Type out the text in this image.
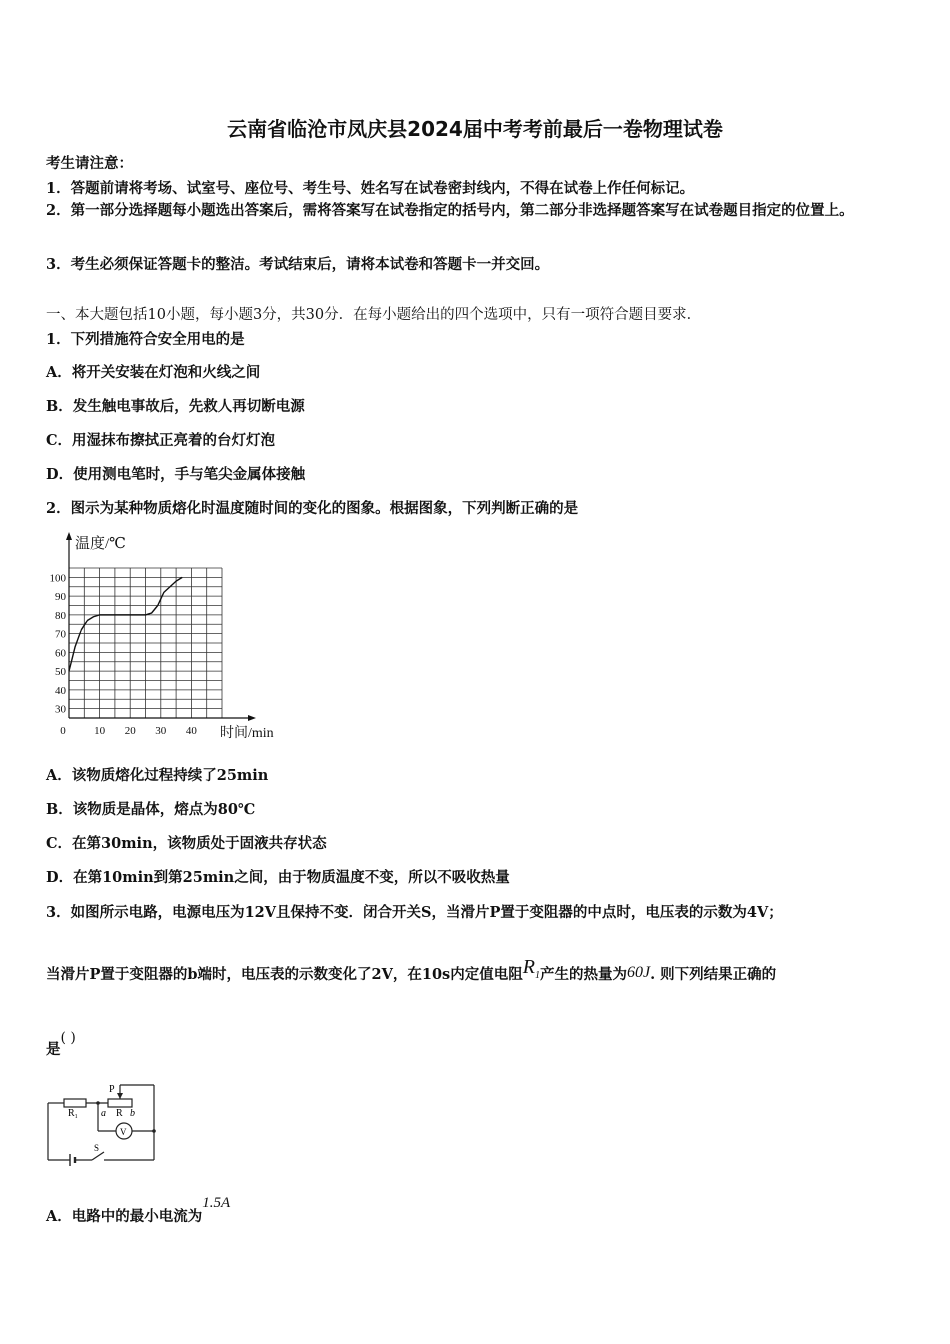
云南省临沧市凤庆县2024届中考考前最后一卷物理试卷
考生请注意：
1．答题前请将考场、试室号、座位号、考生号、姓名写在试卷密封线内，不得在试卷上作任何标记。
2．第一部分选择题每小题选出答案后，需将答案写在试卷指定的括号内，第二部分非选择题答案写在试卷题目指定的位置上。
3．考生必须保证答题卡的整洁。考试结束后，请将本试卷和答题卡一并交回。
一、本大题包括10小题，每小题3分，共30分．在每小题给出的四个选项中，只有一项符合题目要求．
1．下列措施符合安全用电的是
A．将开关安装在灯泡和火线之间
B．发生触电事故后，先救人再切断电源
C．用湿抹布擦拭正亮着的台灯灯泡
D．使用测电笔时，手与笔尖金属体接触
2．图示为某种物质熔化时温度随时间的变化的图象。根据图象，下列判断正确的是
30
40
50
60
70
80
90
100
0	10 20 30 40
温度/℃
时间/min
A．该物质熔化过程持续了25min
B．该物质是晶体，熔点为80℃
C．在第30min，该物质处于固液共存状态
D．在第10min到第25min之间，由于物质温度不变，所以不吸收热量
3．如图所示电路，电源电压为12V且保持不变．闭合开关S，当滑片P置于变阻器的中点时，电压表的示数为4V；
当滑片P置于变阻器的b端时，电压表的示数变化了2V，在10s内定值电阻$R_1$产生的热量为60J. 则下列结果正确的
是( )
$R_1$
P
a R b
V
S
A．电路中的最小电流为1.5A
